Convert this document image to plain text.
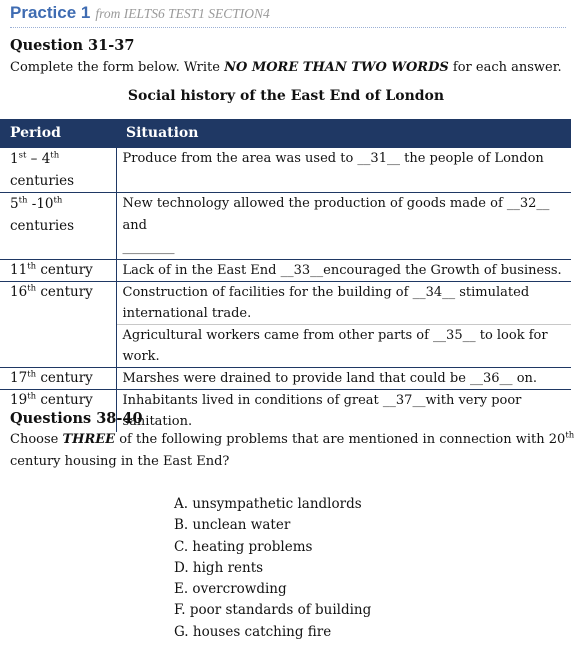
Practice 1 from IELTS6 TEST1 SECTION4
Question 31-37
Complete the form below. Write NO MORE THAN TWO WORDS for each answer.
Social history of the East End of London
Period	Situation
1st – 4th
centuries	Produce from the area was used to __31__ the people of London
5th -10th
centuries	New technology allowed the production of goods made of __32__ and
________
11th century	Lack of in the East End __33__encouraged the Growth of business.
16th century	Construction of facilities for the building of __34__ stimulated international trade.
	Agricultural workers came from other parts of __35__ to look for work.
17th century	Marshes were drained to provide land that could be __36__ on.
19th century	Inhabitants lived in conditions of great __37__with very poor sanitation.
Questions 38-40
Choose THREE of the following problems that are mentioned in connection with 20th
century housing in the East End?
A. unsympathetic landlords
B. unclean water
C. heating problems
D. high rents
E. overcrowding
F. poor standards of building
G. houses catching fire
